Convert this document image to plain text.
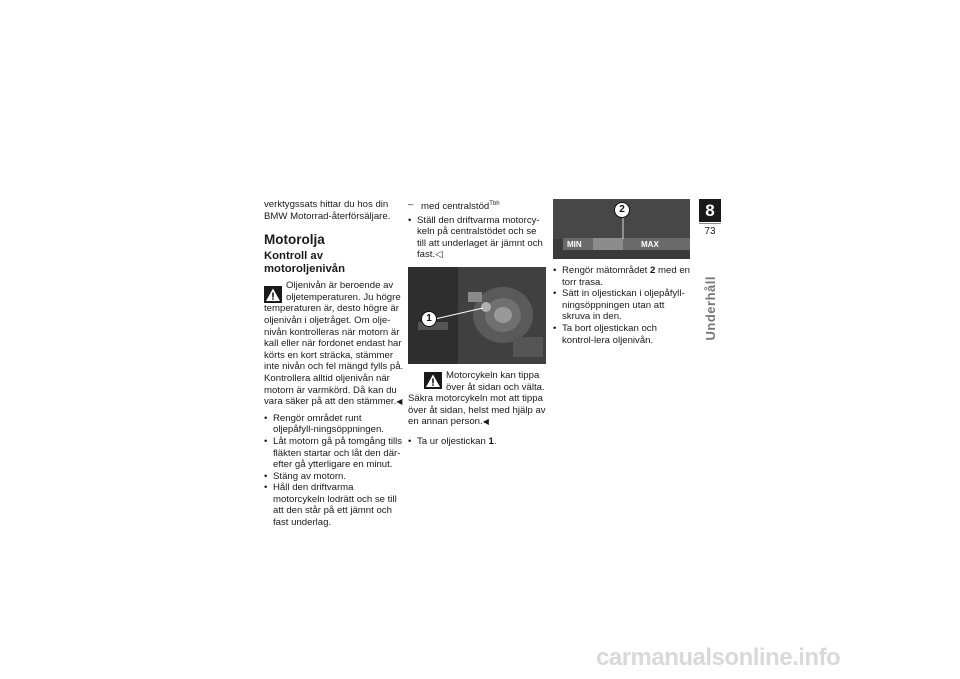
verktygssats hittar du hos din BMW Motorrad-återförsäljare.

Motorolja
Kontroll av motoroljenivån

Oljenivån är beroende av oljetemperaturen. Ju högre temperaturen är, desto högre är oljenivån i oljetråget. Om olje-nivån kontrolleras när motorn är kall eller när fordonet endast har körts en kort sträcka, stämmer inte nivån och fel mängd fylls på. Kontrollera alltid oljenivån när motorn är varmkörd. Då kan du vara säker på att den stämmer.◀

• Rengör området runt oljepåfyll-ningsöppningen.
• Låt motorn gå på tomgång tills fläkten startar och låt den där-efter gå ytterligare en minut.
• Stäng av motorn.
• Håll den driftvarma motorcykeln lodrätt och se till att den står på ett jämnt och fast underlag.
– med centralstöd$^{Tbh}$
• Ställ den driftvarma motorcy-keln på centralstödet och se till att underlaget är jämnt och fast.◁
1

Motorcykeln kan tippa över åt sidan och välta. Säkra motorcykeln mot att tippa över åt sidan, helst med hjälp av en annan person.◀

• Ta ur oljestickan 1.
2
MIN	MAX
• Rengör mätområdet 2 med en torr trasa.
• Sätt in oljestickan i oljepåfyll-ningsöppningen utan att skruva in den.
• Ta bort oljestickan och kontrol-lera oljenivån.
8
73
Underhåll
carmanualsonline.info
